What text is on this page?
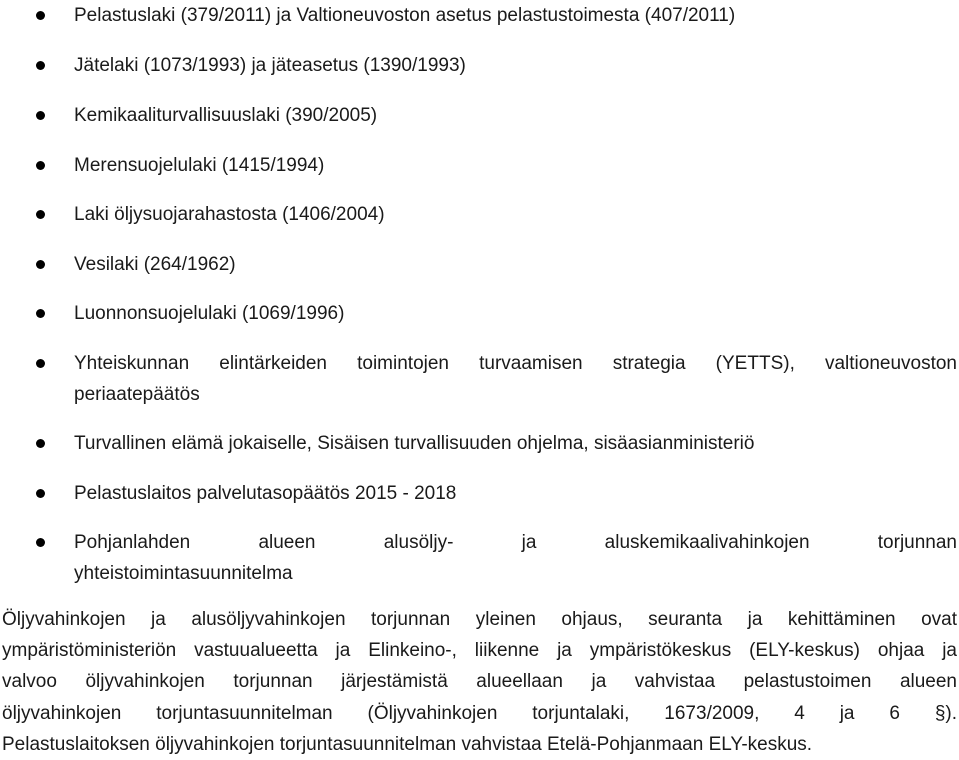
Pelastuslaki (379/2011) ja Valtioneuvoston asetus pelastustoimesta (407/2011)
Jätelaki (1073/1993) ja jäteasetus (1390/1993)
Kemikaaliturvallisuuslaki (390/2005)
Merensuojelulaki (1415/1994)
Laki öljysuojarahastosta (1406/2004)
Vesilaki (264/1962)
Luonnonsuojelulaki (1069/1996)
Yhteiskunnan elintärkeiden toimintojen turvaamisen strategia (YETTS), valtioneuvoston
periaatepäätös
Turvallinen elämä jokaiselle, Sisäisen turvallisuuden ohjelma, sisäasianministeriö
Pelastuslaitos palvelutasopäätös 2015 - 2018
Pohjanlahden alueen alusöljy- ja aluskemikaalivahinkojen torjunnan
yhteistoimintasuunnitelma
Öljyvahinkojen ja alusöljyvahinkojen torjunnan yleinen ohjaus, seuranta ja kehittäminen ovat
ympäristöministeriön vastuualueetta ja Elinkeino-, liikenne ja ympäristökeskus (ELY-keskus) ohjaa ja
valvoo öljyvahinkojen torjunnan järjestämistä alueellaan ja vahvistaa pelastustoimen alueen
öljyvahinkojen torjuntasuunnitelman (Öljyvahinkojen torjuntalaki, 1673/2009, 4 ja 6 §).
Pelastuslaitoksen öljyvahinkojen torjuntasuunnitelman vahvistaa Etelä-Pohjanmaan ELY-keskus.
